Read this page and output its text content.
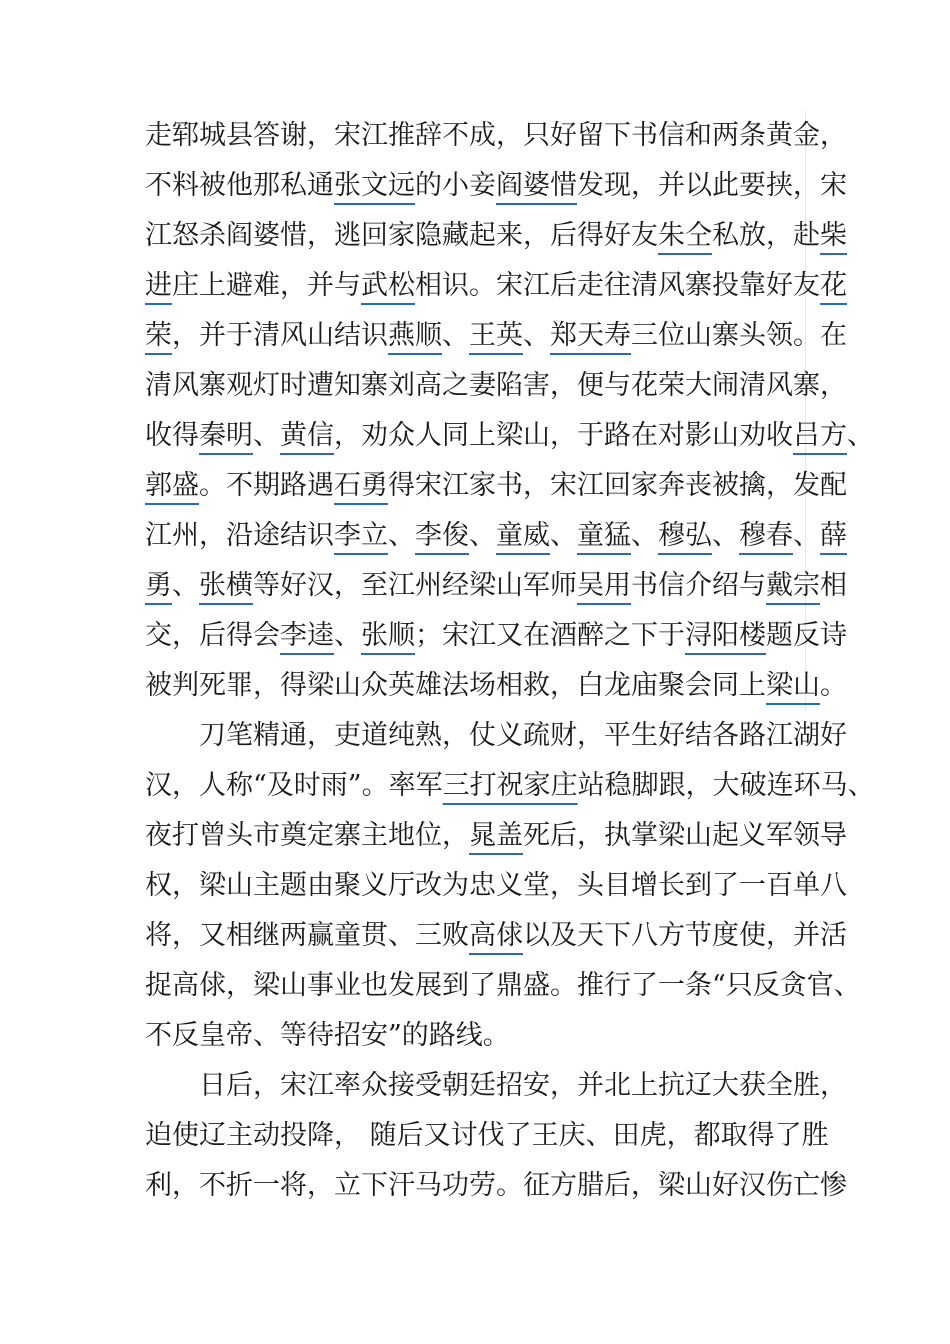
走郓城县答谢，宋江推辞不成，只好留下书信和两条黄金，
不料被他那私通张文远的小妾阎婆惜发现，并以此要挟，宋
江怒杀阎婆惜，逃回家隐藏起来，后得好友朱仝私放，赴柴
进庄上避难，并与武松相识。宋江后走往清风寨投靠好友花
荣，并于清风山结识燕顺、王英、郑天寿三位山寨头领。在
清风寨观灯时遭知寨刘高之妻陷害，便与花荣大闹清风寨，
收得秦明、黄信，劝众人同上梁山，于路在对影山劝收吕方、
郭盛。不期路遇石勇得宋江家书，宋江回家奔丧被擒，发配
江州，沿途结识李立、李俊、童威、童猛、穆弘、穆春、薛
勇、张横等好汉，至江州经梁山军师吴用书信介绍与戴宗相
交，后得会李逵、张顺；宋江又在酒醉之下于浔阳楼题反诗
被判死罪，得梁山众英雄法场相救，白龙庙聚会同上梁山。
刀笔精通，吏道纯熟，仗义疏财，平生好结各路江湖好
汉，人称“及时雨”。率军三打祝家庄站稳脚跟，大破连环马、
夜打曾头市奠定寨主地位，晁盖死后，执掌梁山起义军领导
权，梁山主题由聚义厅改为忠义堂，头目增长到了一百单八
将，又相继两赢童贯、三败高俅以及天下八方节度使，并活
捉高俅，梁山事业也发展到了鼎盛。推行了一条“只反贪官、
不反皇帝、等待招安”的路线。
日后，宋江率众接受朝廷招安，并北上抗辽大获全胜，
迫使辽主动投降， 随后又讨伐了王庆、田虎，都取得了胜
利，不折一将，立下汗马功劳。征方腊后，梁山好汉伤亡惨
